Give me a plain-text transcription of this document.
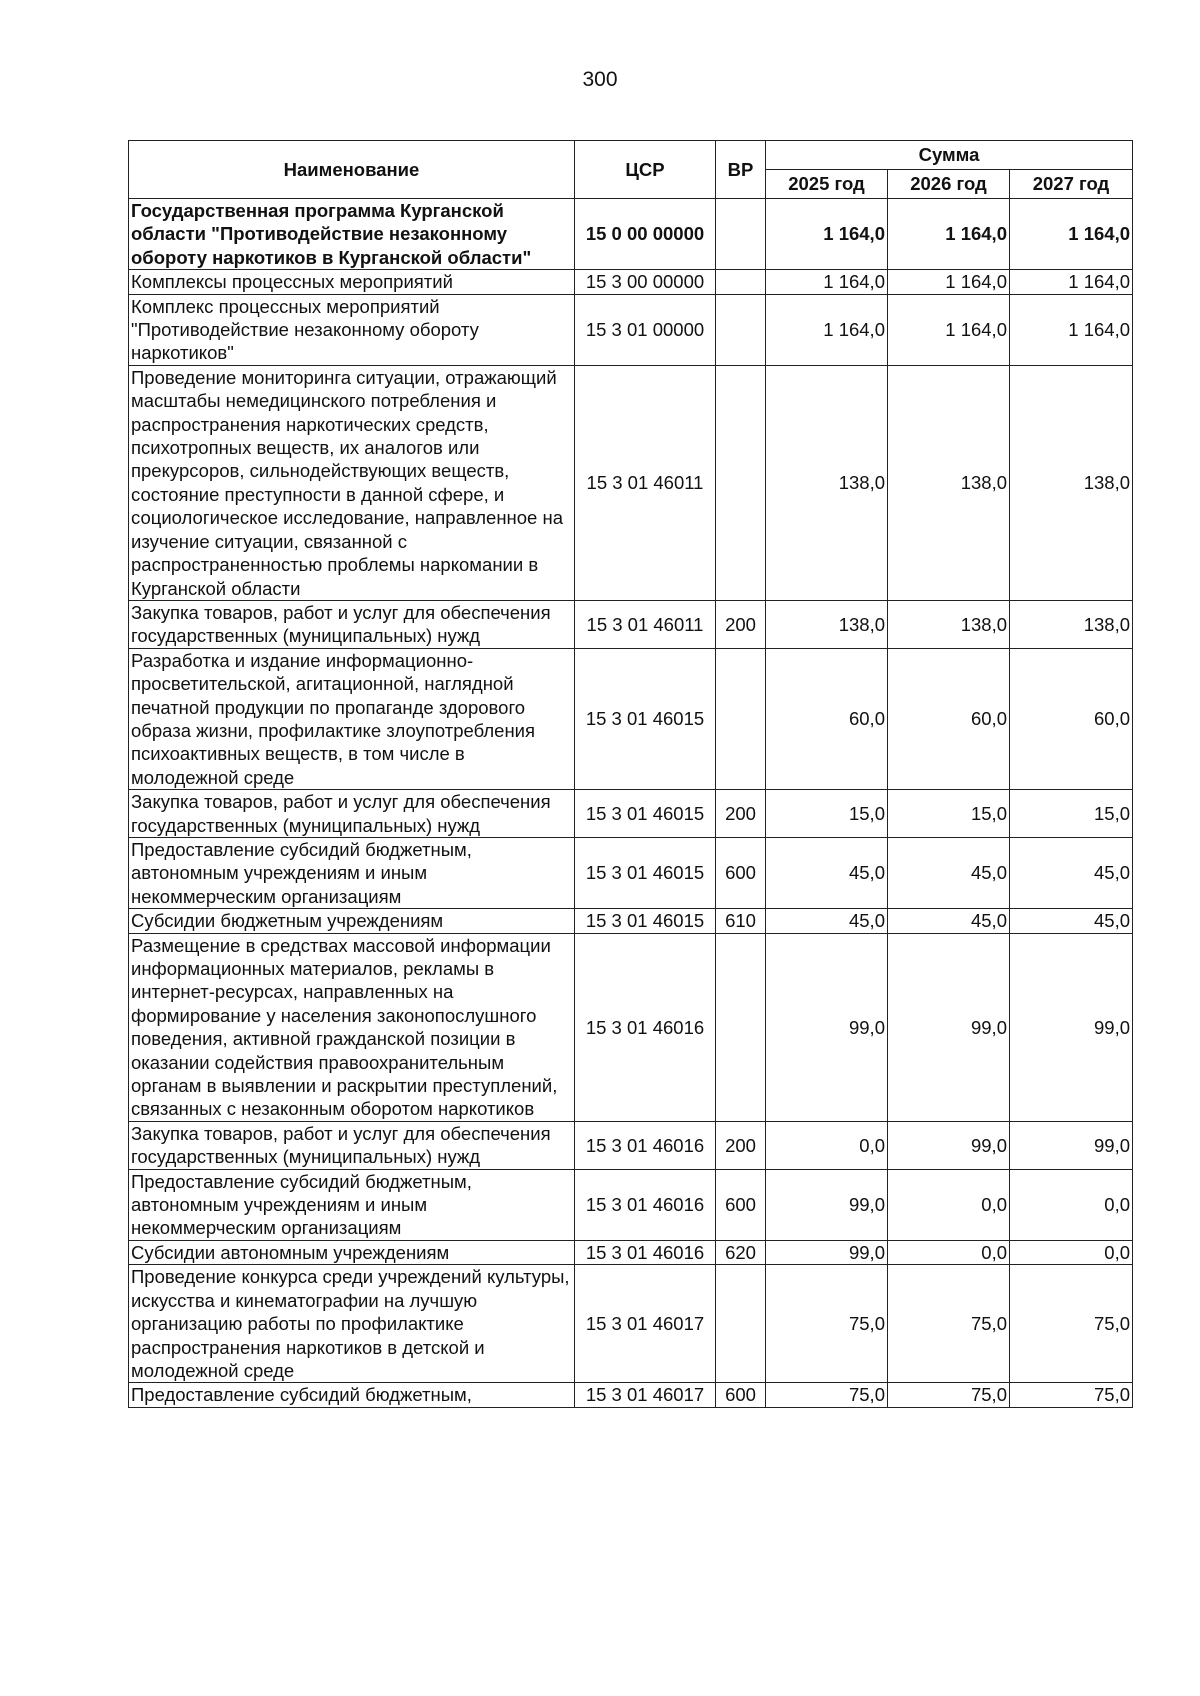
300
Наименование	ЦСР	ВР	Сумма		
			2025 год	2026 год	2027 год
Государственная программа Курганской области "Противодействие незаконному обороту наркотиков в Курганской области"	15 0 00 00000		1 164,0	1 164,0	1 164,0
Комплексы процессных мероприятий	15 3 00 00000		1 164,0	1 164,0	1 164,0
Комплекс процессных мероприятий "Противодействие незаконному обороту наркотиков"	15 3 01 00000		1 164,0	1 164,0	1 164,0
Проведение мониторинга ситуации, отражающий масштабы немедицинского потребления и распространения наркотических средств, психотропных веществ, их аналогов или прекурсоров, сильнодействующих веществ, состояние преступности в данной сфере, и социологическое исследование, направленное на изучение ситуации, связанной с распространенностью проблемы наркомании в Курганской области	15 3 01 46011		138,0	138,0	138,0
Закупка товаров, работ и услуг для обеспечения государственных (муниципальных) нужд	15 3 01 46011	200	138,0	138,0	138,0
Разработка и издание информационно-просветительской, агитационной, наглядной печатной продукции по пропаганде здорового образа жизни, профилактике злоупотребления психоактивных веществ, в том числе в молодежной среде	15 3 01 46015		60,0	60,0	60,0
Закупка товаров, работ и услуг для обеспечения государственных (муниципальных) нужд	15 3 01 46015	200	15,0	15,0	15,0
Предоставление субсидий бюджетным, автономным учреждениям и иным некоммерческим организациям	15 3 01 46015	600	45,0	45,0	45,0
Субсидии бюджетным учреждениям	15 3 01 46015	610	45,0	45,0	45,0
Размещение в средствах массовой информации информационных материалов, рекламы в интернет-ресурсах, направленных на формирование у населения законопослушного поведения, активной гражданской позиции в оказании содействия правоохранительным органам в выявлении и раскрытии преступлений, связанных с незаконным оборотом наркотиков	15 3 01 46016		99,0	99,0	99,0
Закупка товаров, работ и услуг для обеспечения государственных (муниципальных) нужд	15 3 01 46016	200	0,0	99,0	99,0
Предоставление субсидий бюджетным, автономным учреждениям и иным некоммерческим организациям	15 3 01 46016	600	99,0	0,0	0,0
Субсидии автономным учреждениям	15 3 01 46016	620	99,0	0,0	0,0
Проведение конкурса среди учреждений культуры, искусства и кинематографии на лучшую организацию работы по профилактике распространения наркотиков в детской и молодежной среде	15 3 01 46017		75,0	75,0	75,0
Предоставление субсидий бюджетным,	15 3 01 46017	600	75,0	75,0	75,0
